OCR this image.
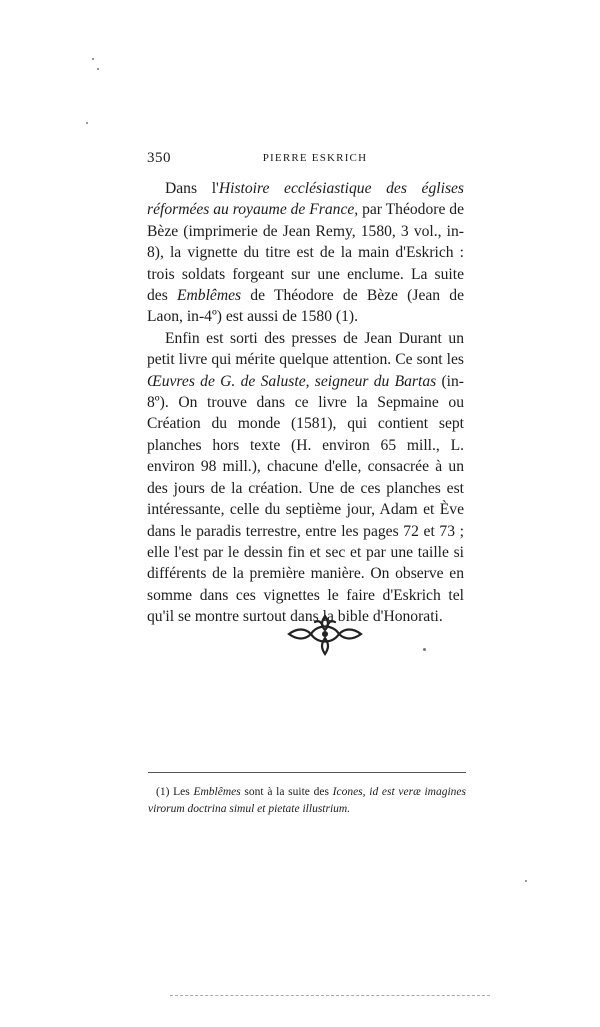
350	PIERRE ESKRICH

Dans l'Histoire ecclésiastique des églises réformées au royaume de France, par Théodore de Bèze (imprimerie de Jean Remy, 1580, 3 vol., in-8), la vignette du titre est de la main d'Eskrich : trois soldats forgeant sur une enclume. La suite des Emblêmes de Théodore de Bèze (Jean de Laon, in-4º) est aussi de 1580 (1).

Enfin est sorti des presses de Jean Durant un petit livre qui mérite quelque attention. Ce sont les Œuvres de G. de Saluste, seigneur du Bartas (in-8º). On trouve dans ce livre la Sepmaine ou Création du monde (1581), qui contient sept planches hors texte (H. environ 65 mill., L. environ 98 mill.), chacune d'elle, consacrée à un des jours de la création. Une de ces planches est intéressante, celle du septième jour, Adam et Ève dans le paradis terrestre, entre les pages 72 et 73 ; elle l'est par le dessin fin et sec et par une taille si différents de la première manière. On observe en somme dans ces vignettes le faire d'Eskrich tel qu'il se montre surtout dans la bible d'Honorati.

(1) Les Emblêmes sont à la suite des Icones, id est veræ imagines virorum doctrina simul et pietate illustrium.
